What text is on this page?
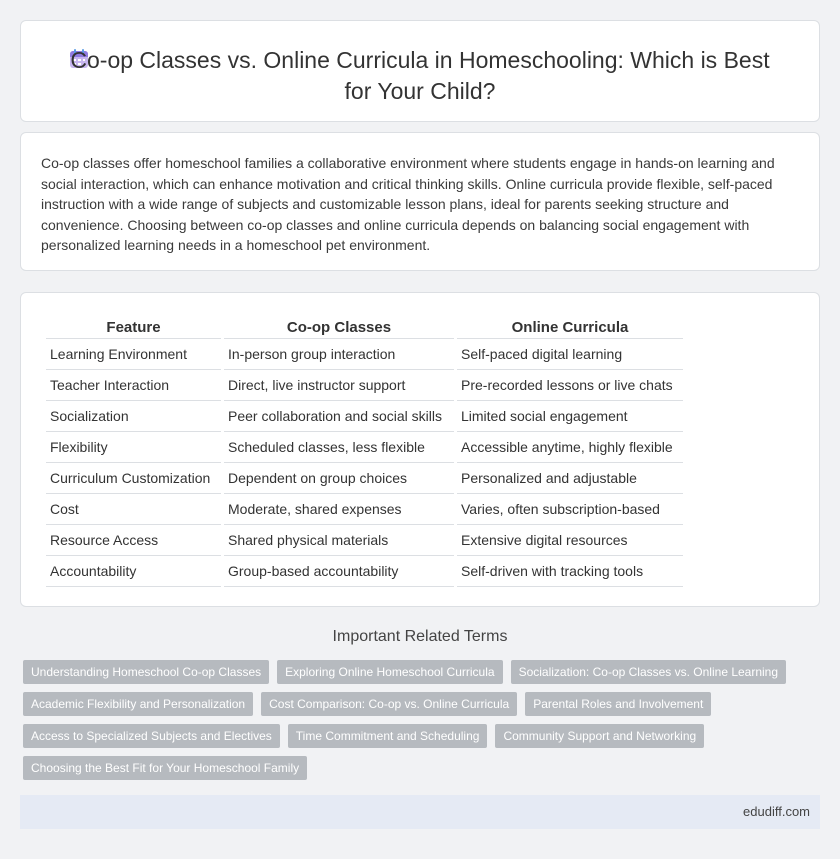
Co-op Classes vs. Online Curricula in Homeschooling: Which is Best for Your Child?

Co-op classes offer homeschool families a collaborative environment where students engage in hands-on learning and social interaction, which can enhance motivation and critical thinking skills. Online curricula provide flexible, self-paced instruction with a wide range of subjects and customizable lesson plans, ideal for parents seeking structure and convenience. Choosing between co-op classes and online curricula depends on balancing social engagement with personalized learning needs in a homeschool pet environment.

Feature	Co-op Classes	Online Curricula
Learning Environment	In-person group interaction	Self-paced digital learning
Teacher Interaction	Direct, live instructor support	Pre-recorded lessons or live chats
Socialization	Peer collaboration and social skills	Limited social engagement
Flexibility	Scheduled classes, less flexible	Accessible anytime, highly flexible
Curriculum Customization	Dependent on group choices	Personalized and adjustable
Cost	Moderate, shared expenses	Varies, often subscription-based
Resource Access	Shared physical materials	Extensive digital resources
Accountability	Group-based accountability	Self-driven with tracking tools
Important Related Terms
Understanding Homeschool Co-op Classes	Exploring Online Homeschool Curricula	Socialization: Co-op Classes vs. Online Learning
Academic Flexibility and Personalization	Cost Comparison: Co-op vs. Online Curricula	Parental Roles and Involvement
Access to Specialized Subjects and Electives	Time Commitment and Scheduling	Community Support and Networking
Choosing the Best Fit for Your Homeschool Family
edudiff.com
